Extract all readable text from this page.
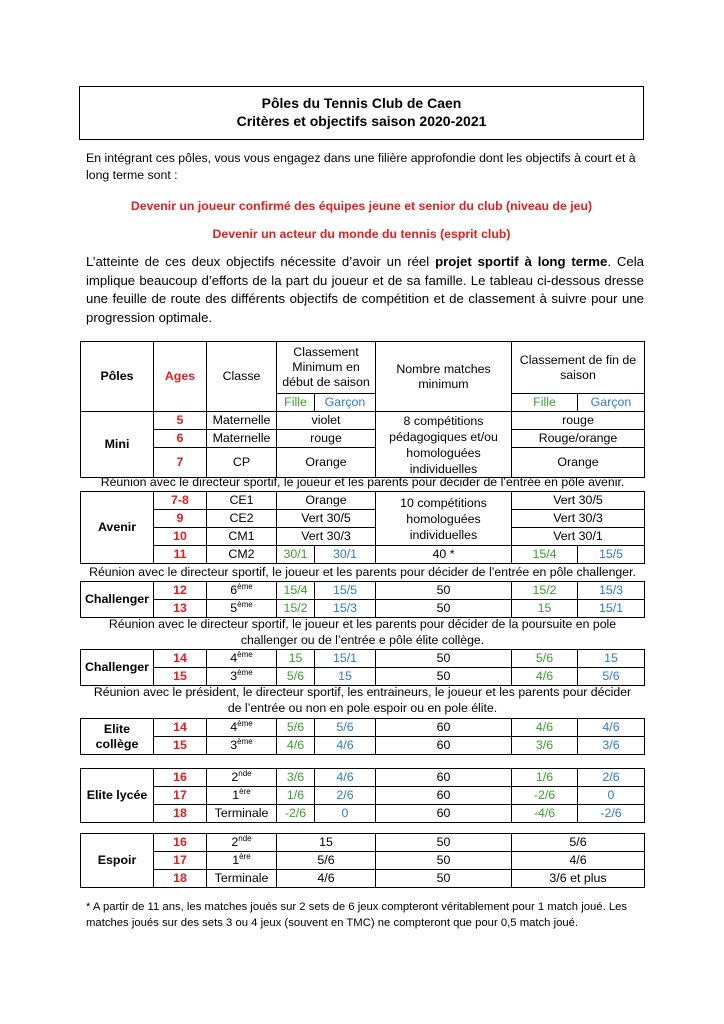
Pôles du Tennis Club de Caen
Critères et objectifs saison 2020-2021
En intégrant ces pôles, vous vous engagez dans une filière approfondie dont les objectifs à court et à long terme sont :
Devenir un joueur confirmé des équipes jeune et senior du club (niveau de jeu)
Devenir un acteur du monde du tennis (esprit club)
L’atteinte de ces deux objectifs nécessite d’avoir un réel projet sportif à long terme. Cela implique beaucoup d’efforts de la part du joueur et de sa famille. Le tableau ci-dessous dresse une feuille de route des différents objectifs de compétition et de classement à suivre pour une progression optimale.
Pôles	Ages	Classe	Classement Minimum en début de saison		Nombre matches minimum	Classement de fin de saison	
			Fille	Garçon		Fille	Garçon
Mini	5	Maternelle	violet		8 compétitions pédagogiques et/ou homologuées individuelles	rouge	
	6	Maternelle	rouge			Rouge/orange	
	7	CP	Orange			Orange	
Réunion avec le directeur sportif, le joueur et les parents pour décider de l’entrée en pôle avenir.
Avenir	7-8	CE1	Orange		10 compétitions homologuées individuelles	Vert 30/5	
	9	CE2	Vert 30/5			Vert 30/3	
	10	CM1	Vert 30/3			Vert 30/1	
	11	CM2	30/1	30/1	40 *	15/4	15/5
Réunion avec le directeur sportif, le joueur et les parents pour décider de l’entrée en pôle challenger.
Challenger	12	6ème	15/4	15/5	50	15/2	15/3
	13	5ème	15/2	15/3	50	15	15/1
Réunion avec le directeur sportif, le joueur et les parents pour décider de la poursuite en pole challenger ou de l’entrée e pôle élite collège.
Challenger	14	4ème	15	15/1	50	5/6	15
	15	3ème	5/6	15	50	4/6	5/6
Réunion avec le président, le directeur sportif, les entraineurs, le joueur et les parents pour décider de l’entrée ou non en pole espoir ou en pole élite.
Elite
collège	14	4ème	5/6	5/6	60	4/6	4/6
	15	3ème	4/6	4/6	60	3/6	3/6
Elite lycée	16	2nde	3/6	4/6	60	1/6	2/6
	17	1ère	1/6	2/6	60	-2/6	0
	18	Terminale	-2/6	0	60	-4/6	-2/6
Espoir	16	2nde	15	50	5/6
	17	1ère	5/6	50	4/6
	18	Terminale	4/6	50	3/6 et plus
* A partir de 11 ans, les matches joués sur 2 sets de 6 jeux compteront véritablement pour 1 match joué. Les matches joués sur des sets 3 ou 4 jeux (souvent en TMC) ne compteront que pour 0,5 match joué.
